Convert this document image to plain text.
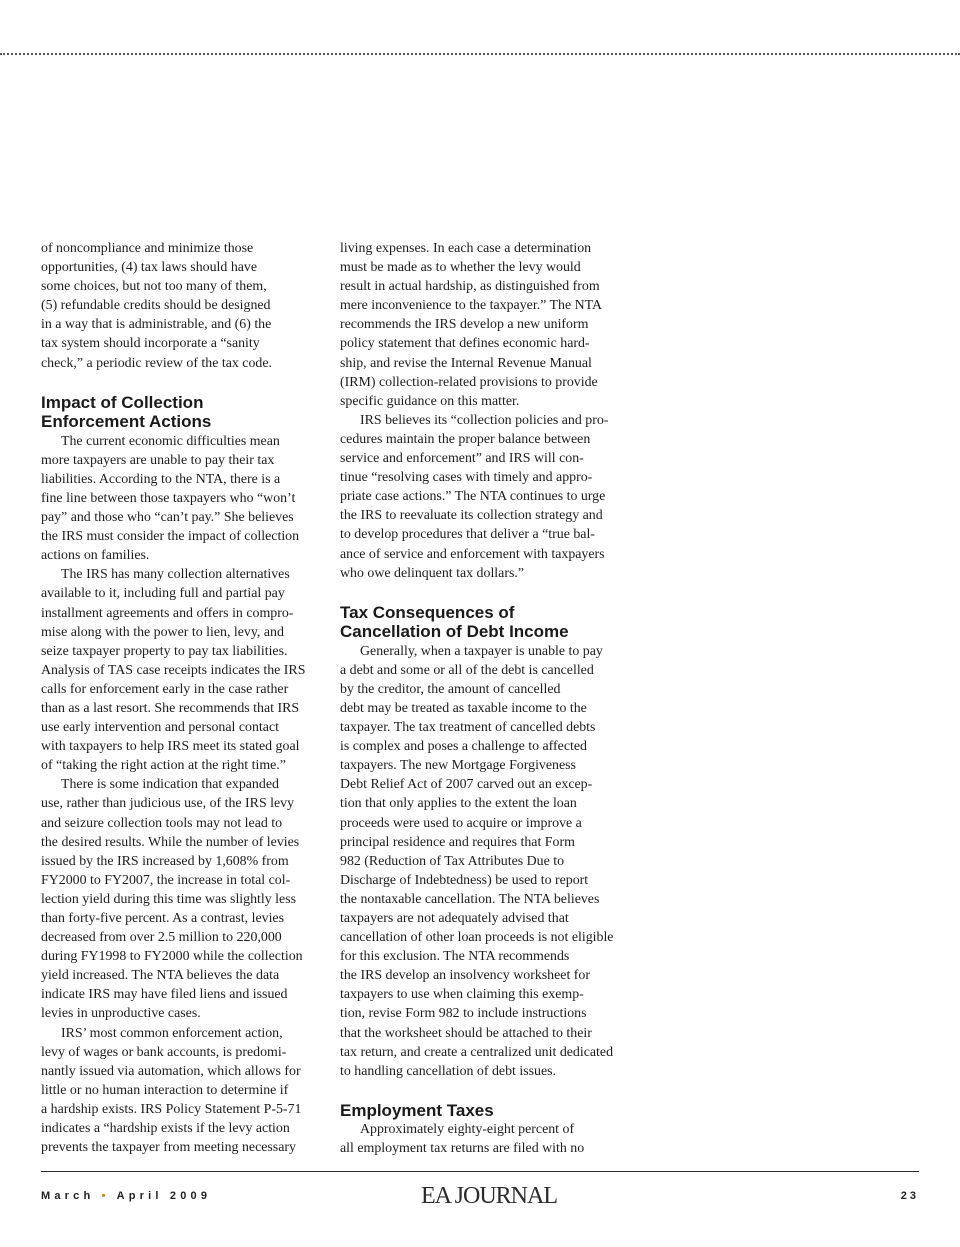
of noncompliance and minimize those
opportunities, (4) tax laws should have
some choices, but not too many of them,
(5) refundable credits should be designed
in a way that is administrable, and (6) the
tax system should incorporate a “sanity
check,” a periodic review of the tax code.
Impact of Collection
Enforcement Actions
The current economic difficulties mean
more taxpayers are unable to pay their tax
liabilities. According to the NTA, there is a
fine line between those taxpayers who “won’t
pay” and those who “can’t pay.” She believes
the IRS must consider the impact of collection
actions on families.
The IRS has many collection alternatives
available to it, including full and partial pay
installment agreements and offers in compro-
mise along with the power to lien, levy, and
seize taxpayer property to pay tax liabilities.
Analysis of TAS case receipts indicates the IRS
calls for enforcement early in the case rather
than as a last resort. She recommends that IRS
use early intervention and personal contact
with taxpayers to help IRS meet its stated goal
of “taking the right action at the right time.”
There is some indication that expanded
use, rather than judicious use, of the IRS levy
and seizure collection tools may not lead to
the desired results. While the number of levies
issued by the IRS increased by 1,608% from
FY2000 to FY2007, the increase in total col-
lection yield during this time was slightly less
than forty-five percent. As a contrast, levies
decreased from over 2.5 million to 220,000
during FY1998 to FY2000 while the collection
yield increased. The NTA believes the data
indicate IRS may have filed liens and issued
levies in unproductive cases.
IRS’ most common enforcement action,
levy of wages or bank accounts, is predomi-
nantly issued via automation, which allows for
little or no human interaction to determine if
a hardship exists. IRS Policy Statement P-5-71
indicates a “hardship exists if the levy action
prevents the taxpayer from meeting necessary
living expenses. In each case a determination
must be made as to whether the levy would
result in actual hardship, as distinguished from
mere inconvenience to the taxpayer.” The NTA
recommends the IRS develop a new uniform
policy statement that defines economic hard-
ship, and revise the Internal Revenue Manual
(IRM) collection-related provisions to provide
specific guidance on this matter.
IRS believes its “collection policies and pro-
cedures maintain the proper balance between
service and enforcement” and IRS will con-
tinue “resolving cases with timely and appro-
priate case actions.” The NTA continues to urge
the IRS to reevaluate its collection strategy and
to develop procedures that deliver a “true bal-
ance of service and enforcement with taxpayers
who owe delinquent tax dollars.”
Tax Consequences of
Cancellation of Debt Income
Generally, when a taxpayer is unable to pay
a debt and some or all of the debt is cancelled
by the creditor, the amount of cancelled
debt may be treated as taxable income to the
taxpayer. The tax treatment of cancelled debts
is complex and poses a challenge to affected
taxpayers. The new Mortgage Forgiveness
Debt Relief Act of 2007 carved out an excep-
tion that only applies to the extent the loan
proceeds were used to acquire or improve a
principal residence and requires that Form
982 (Reduction of Tax Attributes Due to
Discharge of Indebtedness) be used to report
the nontaxable cancellation. The NTA believes
taxpayers are not adequately advised that
cancellation of other loan proceeds is not eligible
for this exclusion. The NTA recommends
the IRS develop an insolvency worksheet for
taxpayers to use when claiming this exemp-
tion, revise Form 982 to include instructions
that the worksheet should be attached to their
tax return, and create a centralized unit dedicated
to handling cancellation of debt issues.
Employment Taxes
Approximately eighty-eight percent of
all employment tax returns are filed with no
March • April 2009	EA JOURNAL	23
